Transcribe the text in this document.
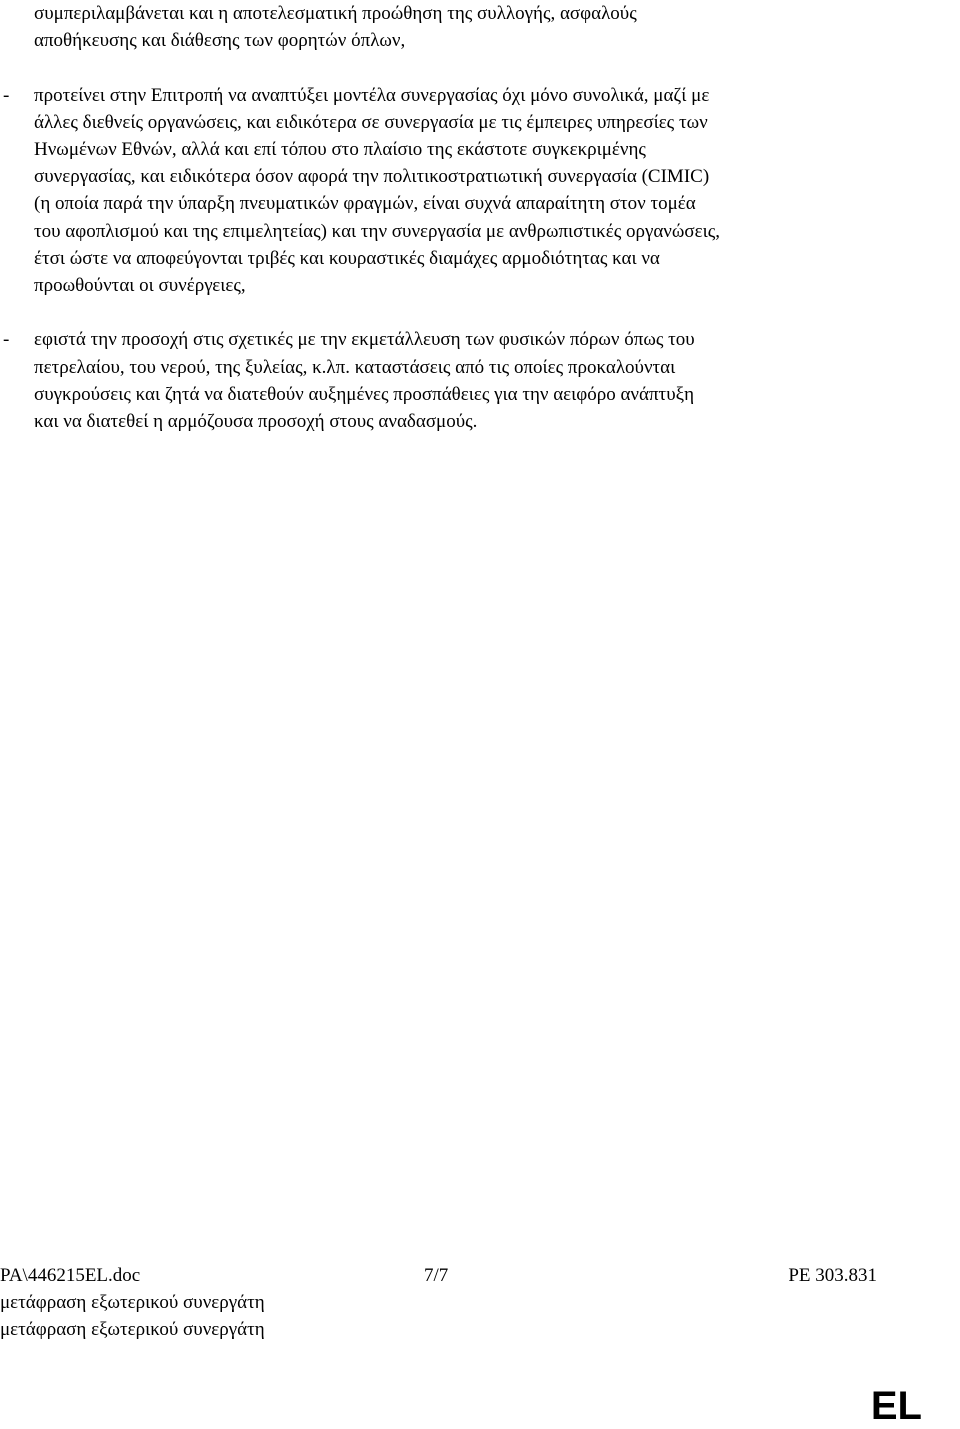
συμπεριλαμβάνεται και η αποτελεσματική προώθηση της συλλογής, ασφαλούς
αποθήκευσης και διάθεσης των φορητών όπλων,
- προτείνει στην Επιτροπή να αναπτύξει μοντέλα συνεργασίας όχι μόνο συνολικά, μαζί με
άλλες διεθνείς οργανώσεις, και ειδικότερα σε συνεργασία με τις έμπειρες υπηρεσίες των
Ηνωμένων Εθνών, αλλά και επί τόπου στο πλαίσιο της εκάστοτε συγκεκριμένης
συνεργασίας, και ειδικότερα όσον αφορά την πολιτικοστρατιωτική συνεργασία (CIMIC)
(η οποία παρά την ύπαρξη πνευματικών φραγμών, είναι συχνά απαραίτητη στον τομέα
του αφοπλισμού και της επιμελητείας) και την συνεργασία με ανθρωπιστικές οργανώσεις,
έτσι ώστε να αποφεύγονται τριβές και κουραστικές διαμάχες αρμοδιότητας και να
προωθούνται οι συνέργειες,
- εφιστά την προσοχή στις σχετικές με την εκμετάλλευση των φυσικών πόρων όπως του
πετρελαίου, του νερού, της ξυλείας, κ.λπ. καταστάσεις από τις οποίες προκαλούνται
συγκρούσεις και ζητά να διατεθούν αυξημένες προσπάθειες για την αειφόρο ανάπτυξη
και να διατεθεί η αρμόζουσα προσοχή στους αναδασμούς.
PA\446215EL.doc	7/7	PE 303.831
μετάφραση εξωτερικού συνεργάτη
μετάφραση εξωτερικού συνεργάτη
EL
